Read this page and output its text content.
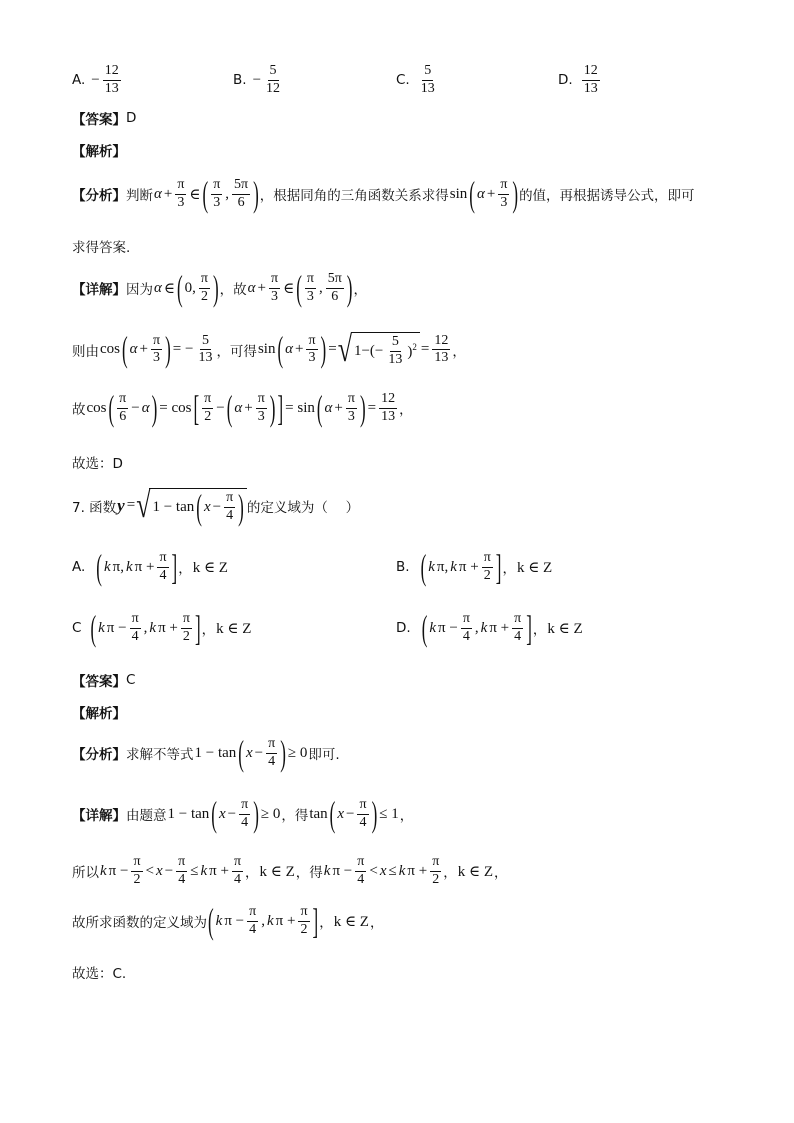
A. − $\frac{12}{13}$	B. − $\frac{5}{12}$	C. $\frac{5}{13}$	D. $\frac{12}{13}$
【答案】 D
【解析】
【分析】 判断 $\alpha + \frac{\pi}{3}$ ∈ ( $\frac{\pi}{3}$ , $\frac{5\pi}{6}$ ) ，根据同角的三角函数关系求得 sin ( $\alpha + \frac{\pi}{3}$ ) 的值，再根据诱导公式，即可
求得答案.
【详解】 因为 α ∈ ( 0, $\frac{\pi}{2}$ ) ，故 $\alpha + \frac{\pi}{3}$ ∈ ( $\frac{\pi}{3}$ , $\frac{5\pi}{6}$ ) ，
则由 cos ( $\alpha + \frac{\pi}{3}$ ) = − $\frac{5}{13}$ ，可得 sin ( $\alpha + \frac{\pi}{3}$ ) = √ $1-(- \frac{5}{13} )^2 = \frac{12}{13}$ ，
故 cos ( $\frac{\pi}{6} - \alpha$ ) = cos [ $\frac{\pi}{2}$ − ( $\alpha + \frac{\pi}{3}$ ) ] = sin ( $\alpha + \frac{\pi}{3}$ ) = $\frac{12}{13}$ ，
故选：D
7. 函数 y = √ 1 − tan ( $x - \frac{\pi}{4}$ ) 的定义域为（　 ）
A. ( k π, k $\pi + \frac{\pi}{4}$ ] ， k ∈ Z	B. ( k π, k $\pi + \frac{\pi}{2}$ ] ， k ∈ Z
C ( k $\pi - \frac{\pi}{4}$ , k $\pi + \frac{\pi}{2}$ ] ， k ∈ Z	D. ( k $\pi - \frac{\pi}{4}$ , k $\pi + \frac{\pi}{4}$ ] ， k ∈ Z
【答案】 C
【解析】
【分析】 求解不等式 1 − tan ( $x - \frac{\pi}{4}$ ) ≥ 0 即可.
【详解】 由题意 1 − tan ( $x - \frac{\pi}{4}$ ) ≥ 0 ，得 tan ( $x - \frac{\pi}{4}$ ) ≤ 1 ，
所以 k $\pi - \frac{\pi}{2} < x - \frac{\pi}{4} \le k$ $\pi + \frac{\pi}{4}$ ， k ∈ Z ，得 k $\pi - \frac{\pi}{4} < x \le k$ $\pi + \frac{\pi}{2}$ ， k ∈ Z ，
故所求函数的定义域为 ( k $\pi - \frac{\pi}{4}$ , k $\pi + \frac{\pi}{2}$ ] ， k ∈ Z ，
故选：C.
